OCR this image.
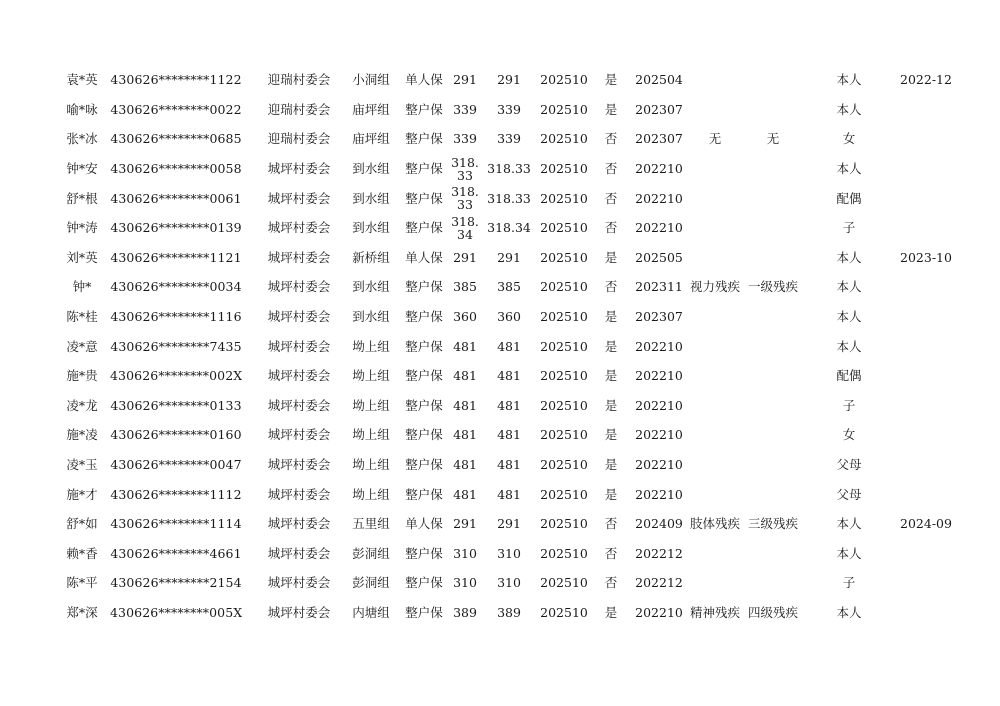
袁*英	430626********1122	迎瑞村委会	小洞组	单人保	291	291	202510	是	202504			本人	2022-12
喻*咏	430626********0022	迎瑞村委会	庙坪组	整户保	339	339	202510	是	202307			本人	
张*冰	430626********0685	迎瑞村委会	庙坪组	整户保	339	339	202510	否	202307	无	无	女	
钟*安	430626********0058	城坪村委会	到水组	整户保	318.33	318.33	202510	否	202210			本人	
舒*根	430626********0061	城坪村委会	到水组	整户保	318.33	318.33	202510	否	202210			配偶	
钟*涛	430626********0139	城坪村委会	到水组	整户保	318.34	318.34	202510	否	202210			子	
刘*英	430626********1121	城坪村委会	新桥组	单人保	291	291	202510	是	202505			本人	2023-10
钟*	430626********0034	城坪村委会	到水组	整户保	385	385	202510	否	202311	视力残疾	一级残疾	本人	
陈*桂	430626********1116	城坪村委会	到水组	整户保	360	360	202510	是	202307			本人	
凌*意	430626********7435	城坪村委会	坳上组	整户保	481	481	202510	是	202210			本人	
施*贵	430626********002X	城坪村委会	坳上组	整户保	481	481	202510	是	202210			配偶	
凌*龙	430626********0133	城坪村委会	坳上组	整户保	481	481	202510	是	202210			子	
施*凌	430626********0160	城坪村委会	坳上组	整户保	481	481	202510	是	202210			女	
凌*玉	430626********0047	城坪村委会	坳上组	整户保	481	481	202510	是	202210			父母	
施*才	430626********1112	城坪村委会	坳上组	整户保	481	481	202510	是	202210			父母	
舒*如	430626********1114	城坪村委会	五里组	单人保	291	291	202510	否	202409	肢体残疾	三级残疾	本人	2024-09
赖*香	430626********4661	城坪村委会	彭洞组	整户保	310	310	202510	否	202212			本人	
陈*平	430626********2154	城坪村委会	彭洞组	整户保	310	310	202510	否	202212			子	
郑*深	430626********005X	城坪村委会	内塘组	整户保	389	389	202510	是	202210	精神残疾	四级残疾	本人	
